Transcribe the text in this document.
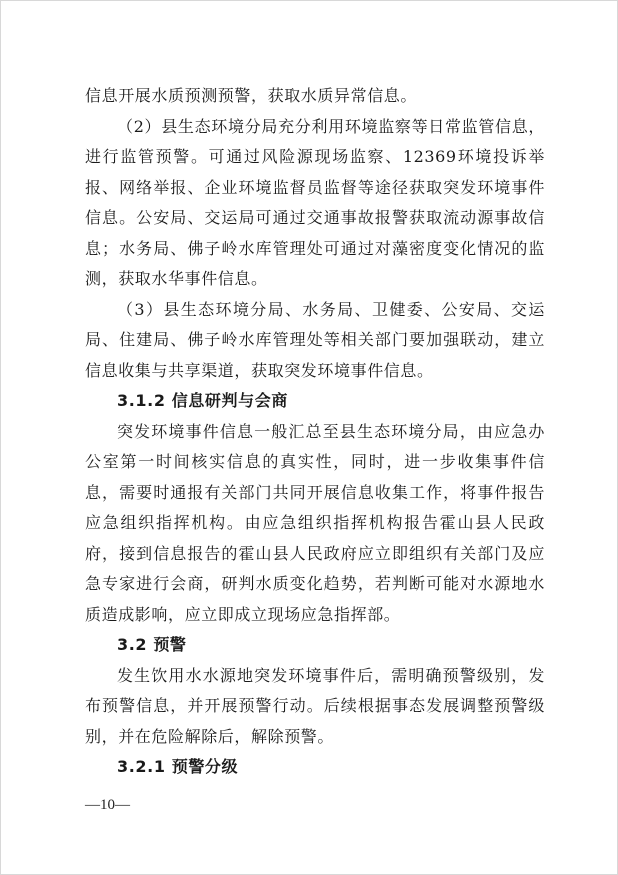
信息开展水质预测预警，获取水质异常信息。

（2）县生态环境分局充分利用环境监察等日常监管信息，进行监管预警。可通过风险源现场监察、12369环境投诉举报、网络举报、企业环境监督员监督等途径获取突发环境事件信息。公安局、交运局可通过交通事故报警获取流动源事故信息；水务局、佛子岭水库管理处可通过对藻密度变化情况的监测，获取水华事件信息。

（3）县生态环境分局、水务局、卫健委、公安局、交运局、住建局、佛子岭水库管理处等相关部门要加强联动，建立信息收集与共享渠道，获取突发环境事件信息。

3.1.2 信息研判与会商

突发环境事件信息一般汇总至县生态环境分局，由应急办公室第一时间核实信息的真实性，同时，进一步收集事件信息，需要时通报有关部门共同开展信息收集工作，将事件报告应急组织指挥机构。由应急组织指挥机构报告霍山县人民政府，接到信息报告的霍山县人民政府应立即组织有关部门及应急专家进行会商，研判水质变化趋势，若判断可能对水源地水质造成影响，应立即成立现场应急指挥部。

3.2 预警

发生饮用水水源地突发环境事件后，需明确预警级别，发布预警信息，并开展预警行动。后续根据事态发展调整预警级别，并在危险解除后，解除预警。

3.2.1 预警分级

—10—
